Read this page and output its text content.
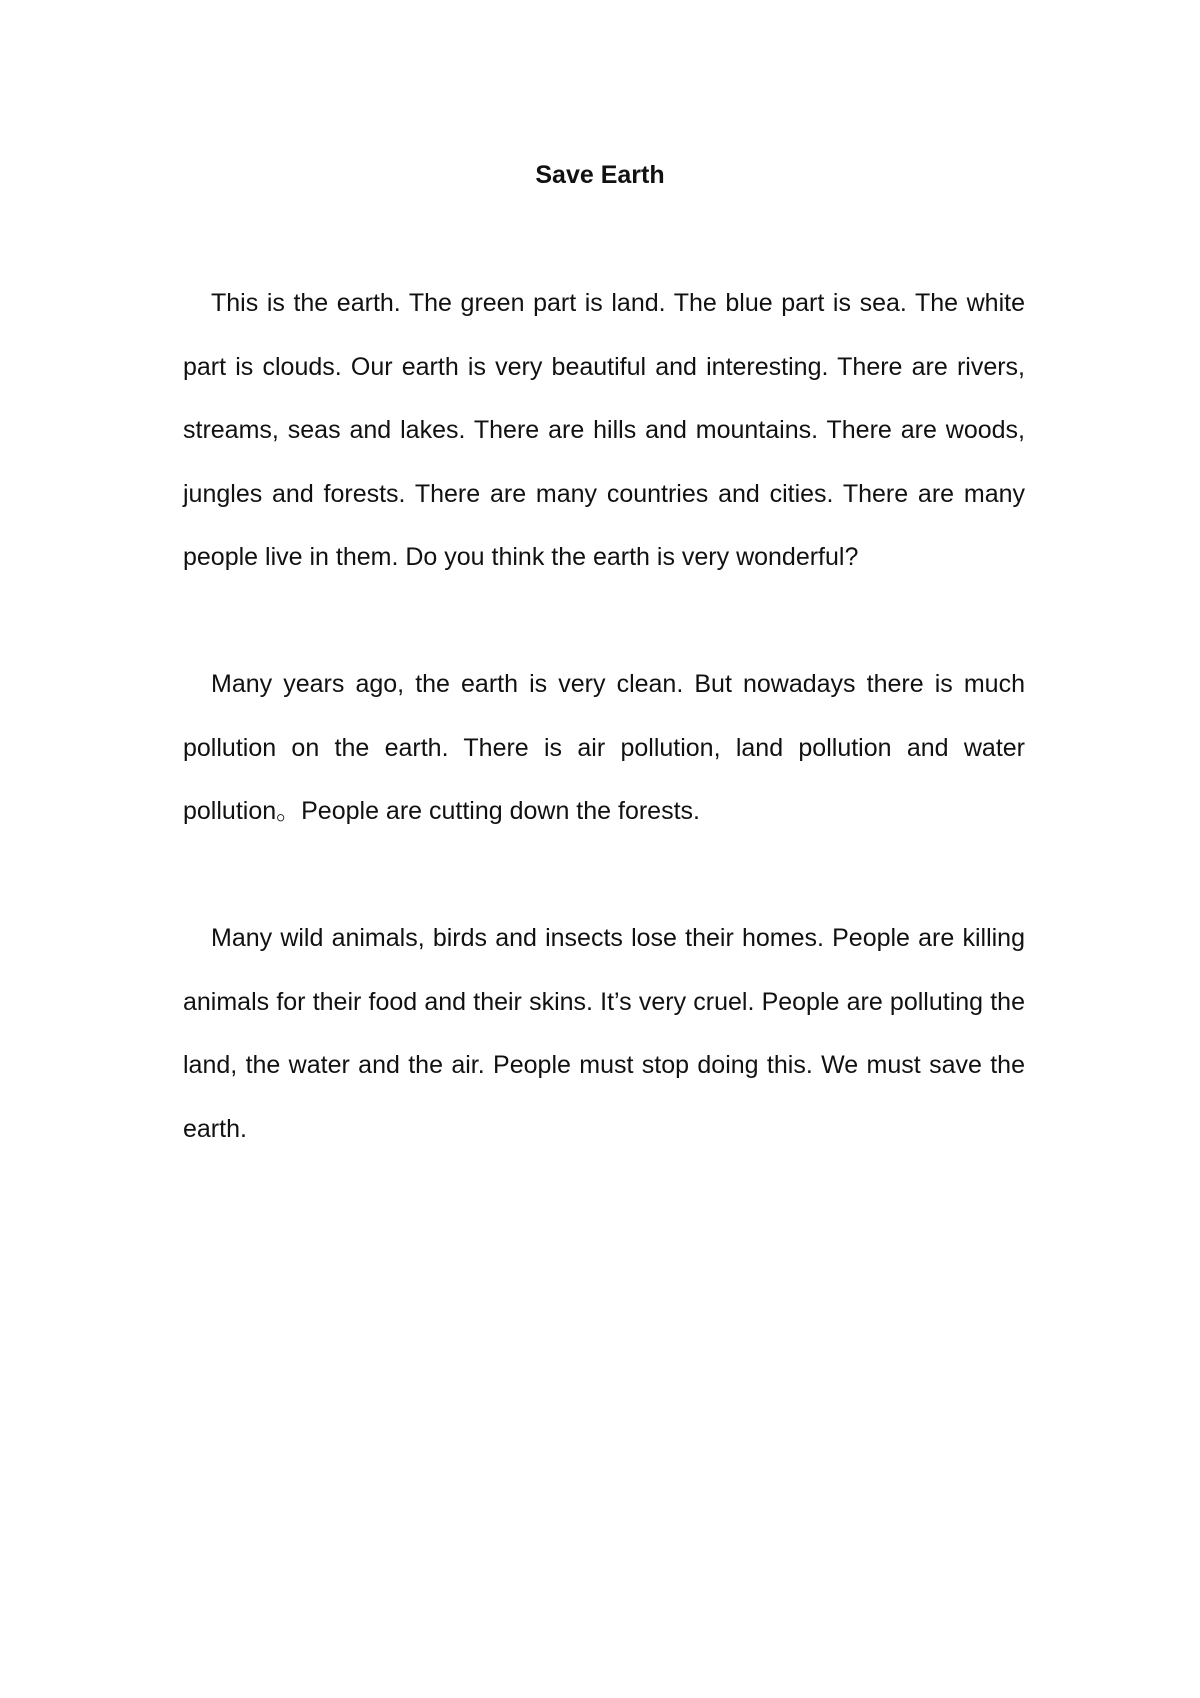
Save Earth

This is the earth. The green part is land. The blue part is sea. The white part is clouds. Our earth is very beautiful and interesting. There are rivers, streams, seas and lakes. There are hills and mountains. There are woods, jungles and forests. There are many countries and cities. There are many people live in them. Do you think the earth is very wonderful?

Many years ago, the earth is very clean. But nowadays there is much pollution on the earth. There is air pollution, land pollution and water pollution。People are cutting down the forests.

Many wild animals, birds and insects lose their homes. People are killing animals for their food and their skins. It’s very cruel. People are polluting the land, the water and the air. People must stop doing this. We must save the earth.
